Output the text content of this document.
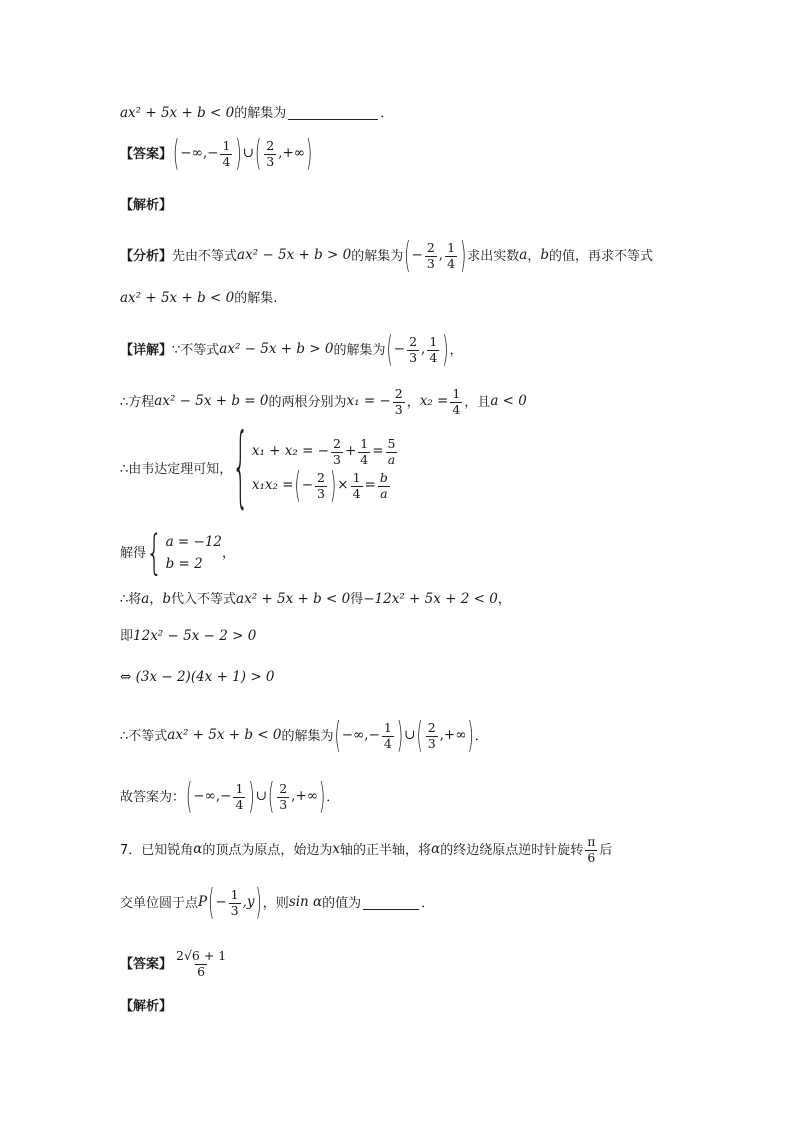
ax² + 5x + b < 0 的解集为	．
【答案】 ( −∞,− $\frac{1}{4}$ ) ∪ ( $\frac{2}{3}$ ,+∞ )
【解析】
【分析】 先由不等式 ax² − 5x + b > 0 的解集为 ( − $\frac{2}{3}$ , $\frac{1}{4}$ ) 求出实数 a ， b 的值，再求不等式
ax² + 5x + b < 0 的解集.
【详解】 ∵不等式 ax² − 5x + b > 0 的解集为 ( − $\frac{2}{3}$ , $\frac{1}{4}$ ) ，
∴方程 ax² − 5x + b = 0 的两根分别为 x₁ = − $\frac{2}{3}$ ， $x_2 = \frac{1}{4}$ ，且 a < 0
∴由韦达定理可知， { x₁ + x₂ = − $\frac{2}{3} + \frac{1}{4} = \frac{5}{a}$
x₁x₂ = ( − $\frac{2}{3}$ ) × $\frac{1}{4} = \frac{b}{a}$
解得 { a = −12
b = 2
，
∴将 a ， b 代入不等式 ax² + 5x + b < 0 得 −12x² + 5x + 2 < 0 ，
即 12x² − 5x − 2 > 0
⇔ (3x − 2)(4x + 1) > 0
∴不等式 ax² + 5x + b < 0 的解集为 ( −∞,− $\frac{1}{4}$ ) ∪ ( $\frac{2}{3}$ ,+∞ ) ．
故答案为： ( −∞,− $\frac{1}{4}$ ) ∪ ( $\frac{2}{3}$ ,+∞ ) ．
7．已知锐角 α 的顶点为原点，始边为 x 轴的正半轴，将 α 的终边绕原点逆时针旋转 $\frac{\pi}{6}$ 后
交单位圆于点 P ( − $\frac{1}{3} ,y$ ) ，则 sin α 的值为	．
【答案】 $\frac{2√6 + 1}{6}$
【解析】
